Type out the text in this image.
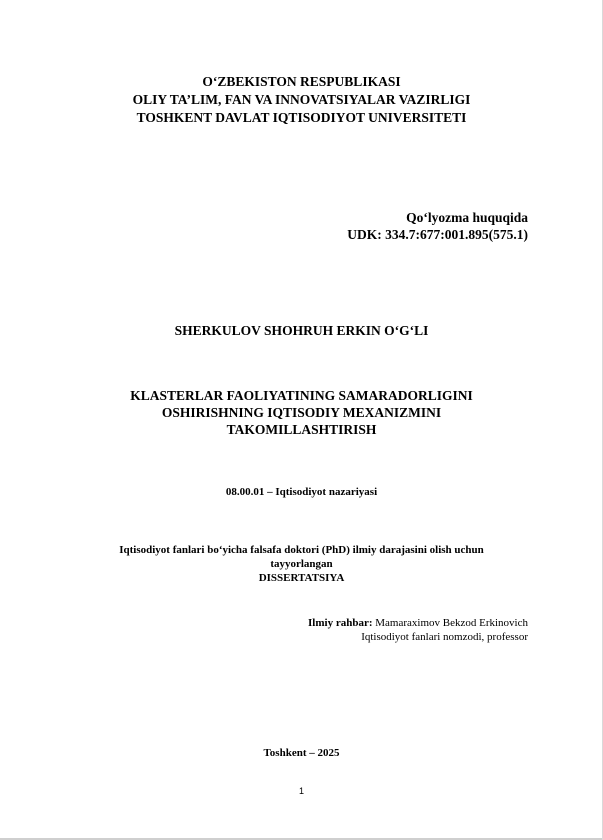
O‘ZBEKISTON RESPUBLIKASI
OLIY TA’LIM, FAN VA INNOVATSIYALAR VAZIRLIGI
TOSHKENT DAVLAT IQTISODIYOT UNIVERSITETI
Qo‘lyozma huquqida
UDK: 334.7:677:001.895(575.1)
SHERKULOV SHOHRUH ERKIN O‘G‘LI
KLASTERLAR FAOLIYATINING SAMARADORLIGINI
OSHIRISHNING IQTISODIY MEXANIZMINI
TAKOMILLASHTIRISH
08.00.01 – Iqtisodiyot nazariyasi
Iqtisodiyot fanlari bo‘yicha falsafa doktori (PhD) ilmiy darajasini olish uchun
tayyorlangan
DISSERTATSIYA
Ilmiy rahbar: Mamaraximov Bekzod Erkinovich
Iqtisodiyot fanlari nomzodi, professor
Toshkent – 2025
1
